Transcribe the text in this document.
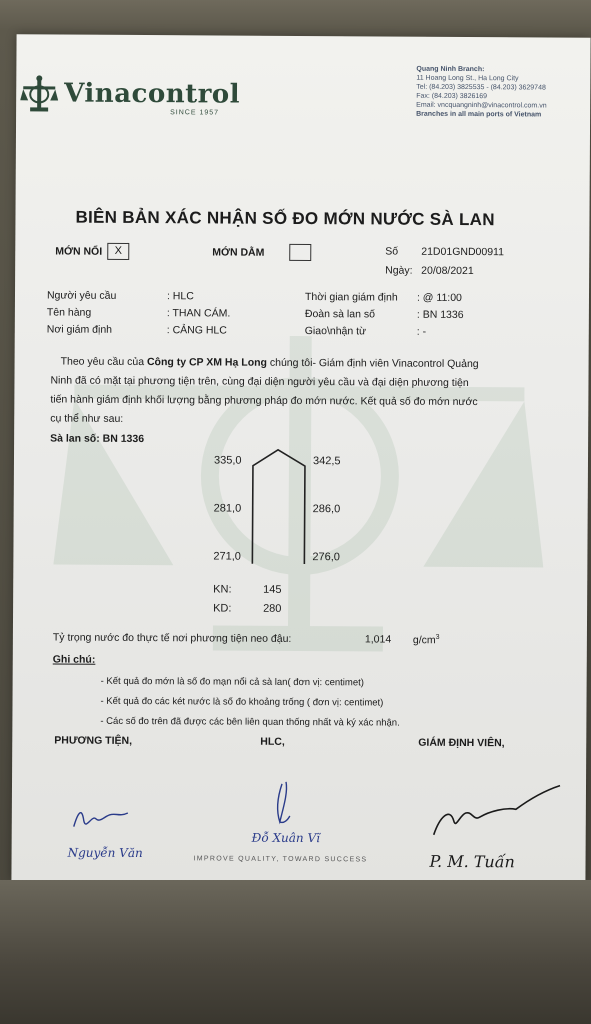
Vinacontrol
SINCE 1957
Quang Ninh Branch:
11 Hoang Long St., Ha Long City
Tel: (84.203) 3825535 - (84.203) 3629748
Fax: (84.203) 3826169
Email: vncquangninh@vinacontrol.com.vn
Branches in all main ports of Vietnam
BIÊN BẢN XÁC NHẬN SỐ ĐO MỚN NƯỚC SÀ LAN
MỚN NỔI	X	MỚN DẰM	Số 21D01GND00911
Ngày: 20/08/2021
Người yêu cầu	: HLC
Tên hàng	: THAN CÁM.
Nơi giám định	: CẢNG HLC
Thời gian giám định : @ 11:00
Đoàn sà lan số	: BN 1336
Giao\nhận từ	: -
Theo yêu cầu của Công ty CP XM Hạ Long chúng tôi- Giám định viên Vinacontrol Quảng
Ninh đã có mặt tại phương tiện trên, cùng đại diện người yêu cầu và đại diện phương tiện
tiến hành giám định khối lượng bằng phương pháp đo mớn nước. Kết quả số đo mớn nước
cụ thể như sau:
Sà lan số: BN 1336
335,0	342,5
281,0	286,0
271,0	276,0
KN:	145
KD:	280
Tỷ trọng nước đo thực tế nơi phương tiện neo đậu:	1,014 $g/cm^3$
Ghi chú:
- Kết quả đo mớn là số đo mạn nổi cả sà lan( đơn vị: centimet)
- Kết quả đo các két nước là số đo khoảng trống ( đơn vị: centimet)
- Các số đo trên đã được các bên liên quan thống nhất và ký xác nhận.
PHƯƠNG TIỆN,	HLC,	GIÁM ĐỊNH VIÊN,
Nguyễn Văn
Đỗ Xuân Vĩ
P. M. Tuấn
IMPROVE QUALITY, TOWARD SUCCESS
